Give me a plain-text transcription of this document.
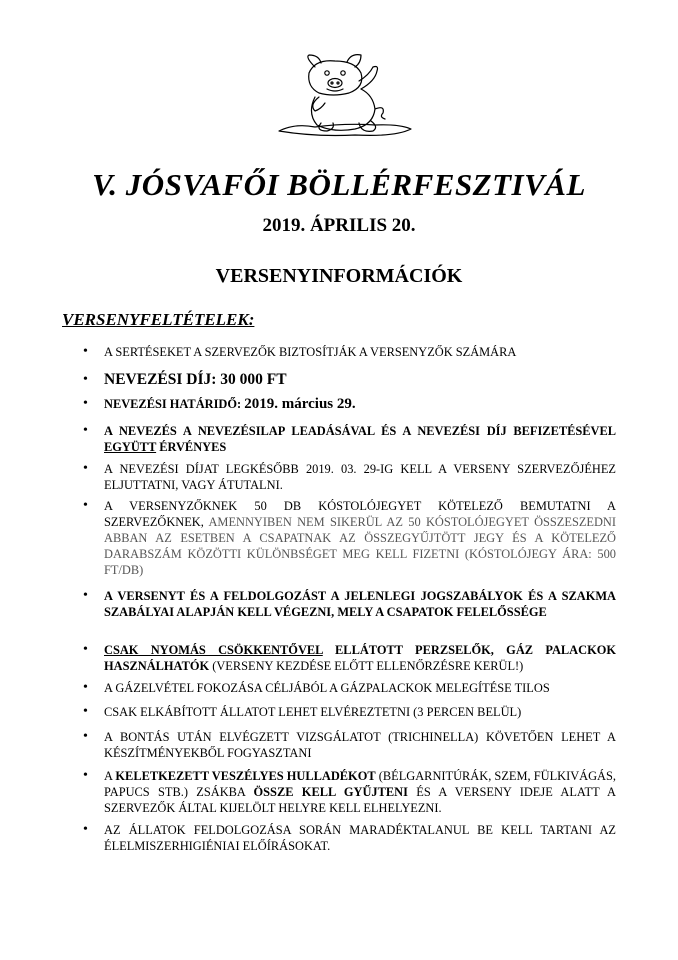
V. JÓSVAFŐI BÖLLÉRFESZTIVÁL
2019. ÁPRILIS 20.
VERSENYINFORMÁCIÓK
VERSENYFELTÉTELEK:
• A SERTÉSEKET A SZERVEZŐK BIZTOSÍTJÁK A VERSENYZŐK SZÁMÁRA
• NEVEZÉSI DÍJ: 30 000 FT
• NEVEZÉSI HATÁRIDŐ: 2019. március 29.
• A NEVEZÉS A NEVEZÉSILAP LEADÁSÁVAL ÉS A NEVEZÉSI DÍJ BEFIZETÉSÉVEL EGYÜTT ÉRVÉNYES
• A NEVEZÉSI DÍJAT LEGKÉSŐBB 2019. 03. 29-IG KELL A VERSENY SZERVEZŐJÉHEZ ELJUTTATNI, VAGY ÁTUTALNI.
• A VERSENYZŐKNEK 50 DB KÓSTOLÓJEGYET KÖTELEZŐ BEMUTATNI A SZERVEZŐKNEK, AMENNYIBEN NEM SIKERÜL AZ 50 KÓSTOLÓJEGYET ÖSSZESZEDNI ABBAN AZ ESETBEN A CSAPATNAK AZ ÖSSZEGYŰJTÖTT JEGY ÉS A KÖTELEZŐ DARABSZÁM KÖZÖTTI KÜLÖNBSÉGET MEG KELL FIZETNI (KÓSTOLÓJEGY ÁRA: 500 FT/DB)
• A VERSENYT ÉS A FELDOLGOZÁST A JELENLEGI JOGSZABÁLYOK ÉS A SZAKMA SZABÁLYAI ALAPJÁN KELL VÉGEZNI, MELY A CSAPATOK FELELŐSSÉGE
• CSAK NYOMÁS CSÖKKENTŐVEL ELLÁTOTT PERZSELŐK, GÁZ PALACKOK HASZNÁLHATÓK (VERSENY KEZDÉSE ELŐTT ELLENŐRZÉSRE KERÜL!)
• A GÁZELVÉTEL FOKOZÁSA CÉLJÁBÓL A GÁZPALACKOK MELEGÍTÉSE TILOS
• CSAK ELKÁBÍTOTT ÁLLATOT LEHET ELVÉREZTETNI (3 PERCEN BELÜL)
• A BONTÁS UTÁN ELVÉGZETT VIZSGÁLATOT (TRICHINELLA) KÖVETŐEN LEHET A KÉSZÍTMÉNYEKBŐL FOGYASZTANI
• A KELETKEZETT VESZÉLYES HULLADÉKOT (BÉLGARNITÚRÁK, SZEM, FÜLKIVÁGÁS, PAPUCS STB.) ZSÁKBA ÖSSZE KELL GYŰJTENI ÉS A VERSENY IDEJE ALATT A SZERVEZŐK ÁLTAL KIJELÖLT HELYRE KELL ELHELYEZNI.
• AZ ÁLLATOK FELDOLGOZÁSA SORÁN MARADÉKTALANUL BE KELL TARTANI AZ ÉLELMISZERHIGIÉNIAI ELŐÍRÁSOKAT.
